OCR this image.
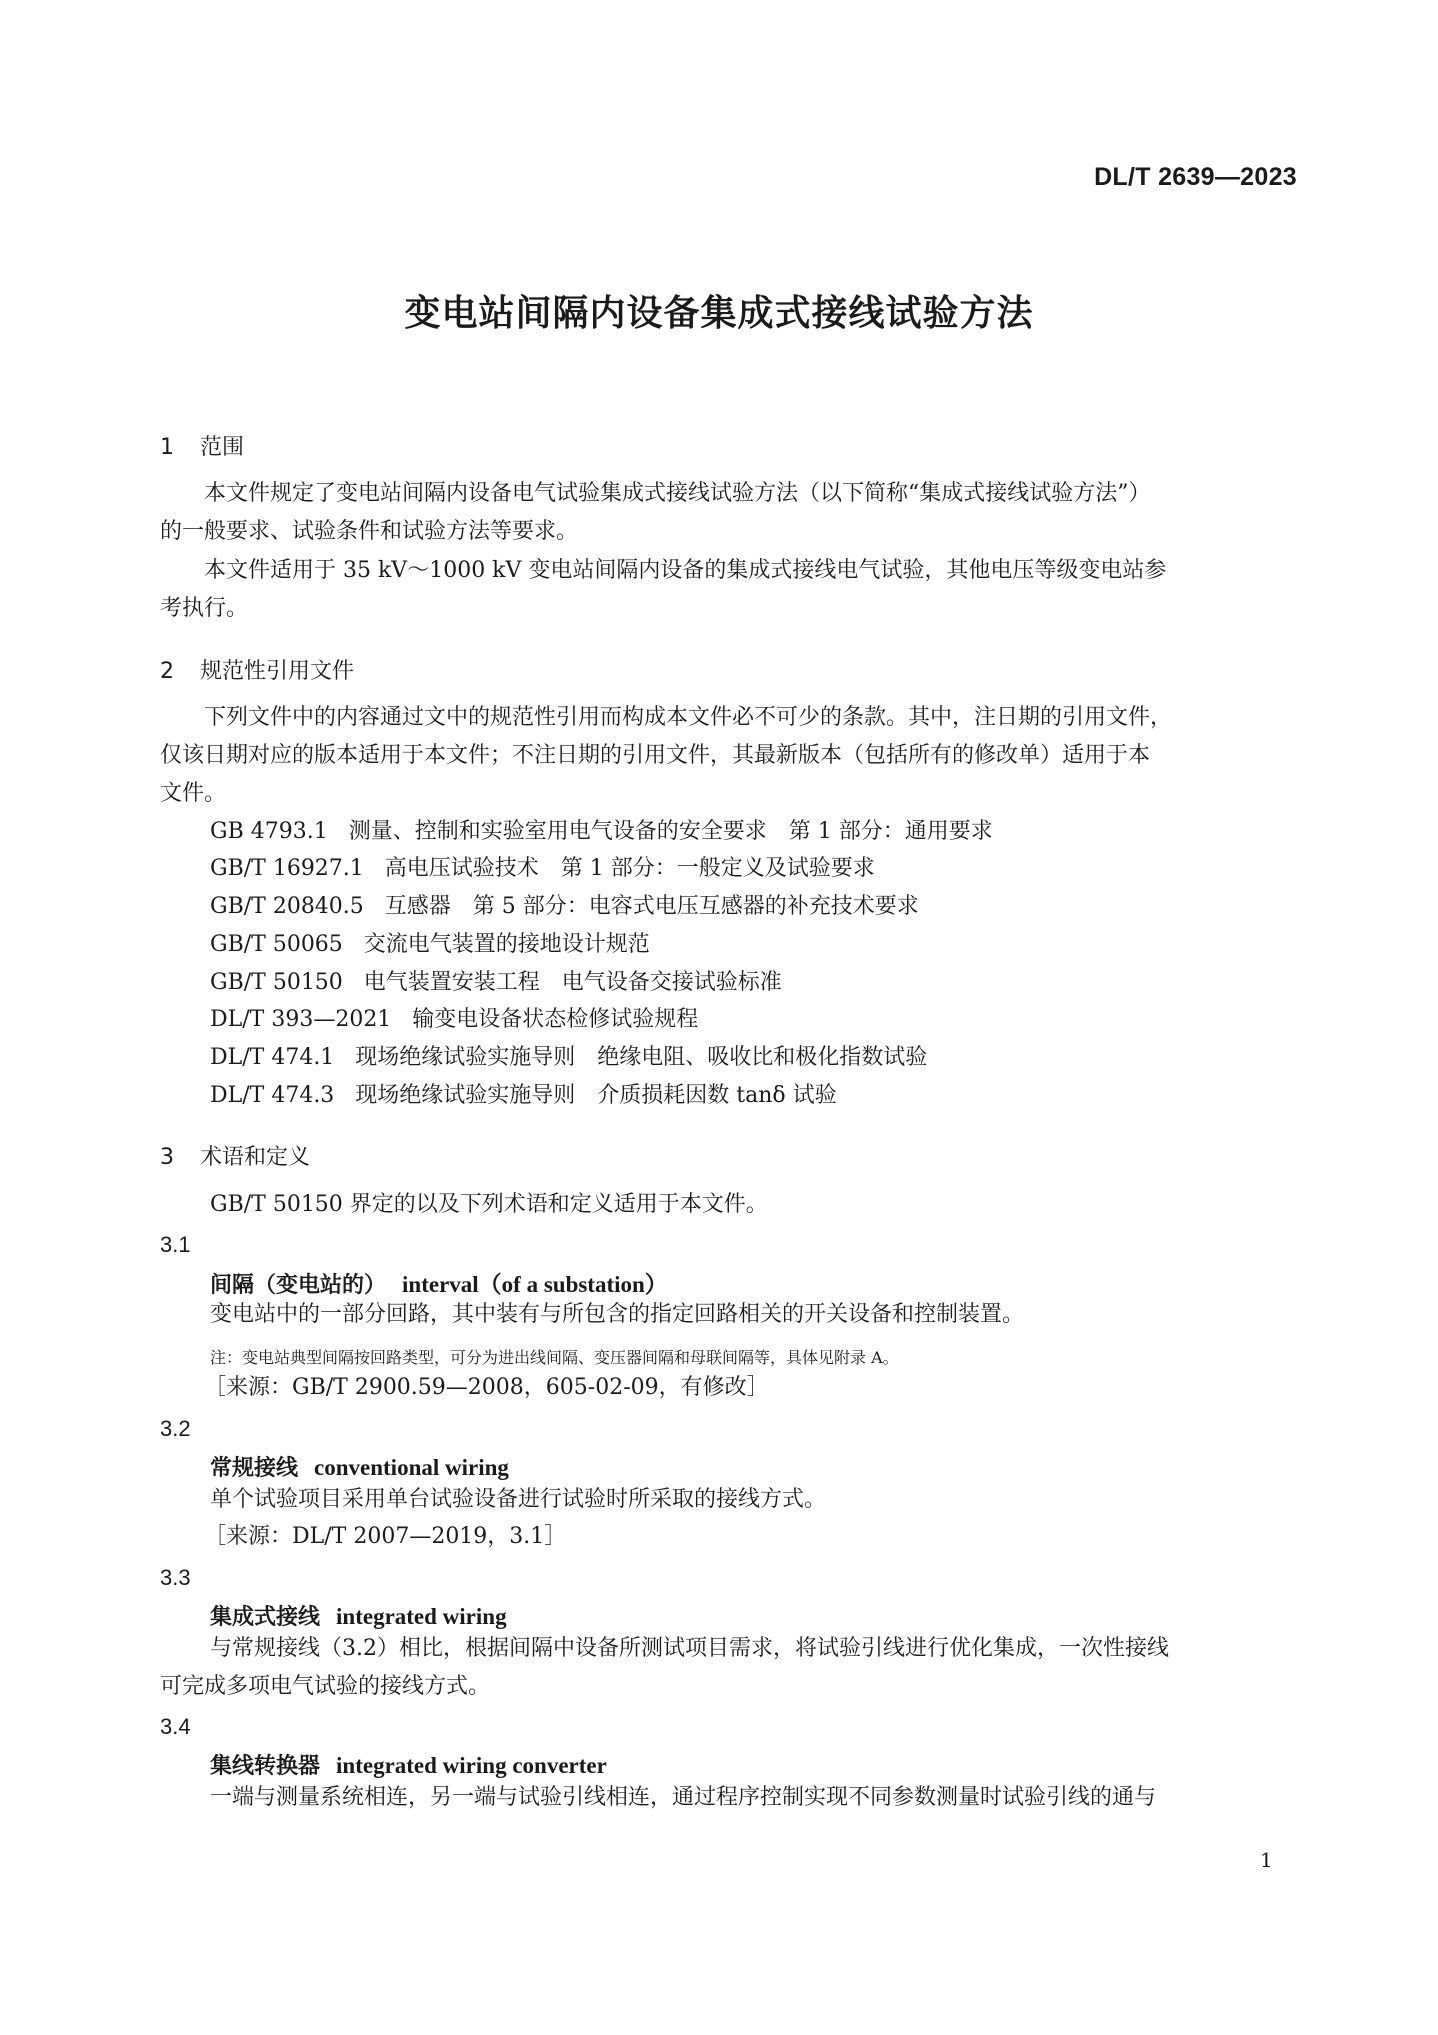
DL/T 2639—2023
变电站间隔内设备集成式接线试验方法
1 范围
本文件规定了变电站间隔内设备电气试验集成式接线试验方法（以下简称“集成式接线试验方法”）
的一般要求、试验条件和试验方法等要求。
本文件适用于 35 kV～1000 kV 变电站间隔内设备的集成式接线电气试验，其他电压等级变电站参
考执行。
2 规范性引用文件
下列文件中的内容通过文中的规范性引用而构成本文件必不可少的条款。其中，注日期的引用文件，
仅该日期对应的版本适用于本文件；不注日期的引用文件，其最新版本（包括所有的修改单）适用于本
文件。
GB 4793.1 测量、控制和实验室用电气设备的安全要求　第 1 部分：通用要求
GB/T 16927.1 高电压试验技术　第 1 部分：一般定义及试验要求
GB/T 20840.5 互感器　第 5 部分：电容式电压互感器的补充技术要求
GB/T 50065 交流电气装置的接地设计规范
GB/T 50150 电气装置安装工程　电气设备交接试验标准
DL/T 393—2021 输变电设备状态检修试验规程
DL/T 474.1 现场绝缘试验实施导则　绝缘电阻、吸收比和极化指数试验
DL/T 474.3 现场绝缘试验实施导则　介质损耗因数 tanδ 试验
3 术语和定义
GB/T 50150 界定的以及下列术语和定义适用于本文件。
3.1
间隔（变电站的） interval（of a substation）
变电站中的一部分回路，其中装有与所包含的指定回路相关的开关设备和控制装置。
注：变电站典型间隔按回路类型，可分为进出线间隔、变压器间隔和母联间隔等，具体见附录 A。
［来源：GB/T 2900.59—2008，605-02-09，有修改］
3.2
常规接线 conventional wiring
单个试验项目采用单台试验设备进行试验时所采取的接线方式。
［来源：DL/T 2007—2019，3.1］
3.3
集成式接线 integrated wiring
与常规接线（3.2）相比，根据间隔中设备所测试项目需求，将试验引线进行优化集成，一次性接线
可完成多项电气试验的接线方式。
3.4
集线转换器 integrated wiring converter
一端与测量系统相连，另一端与试验引线相连，通过程序控制实现不同参数测量时试验引线的通与
1
